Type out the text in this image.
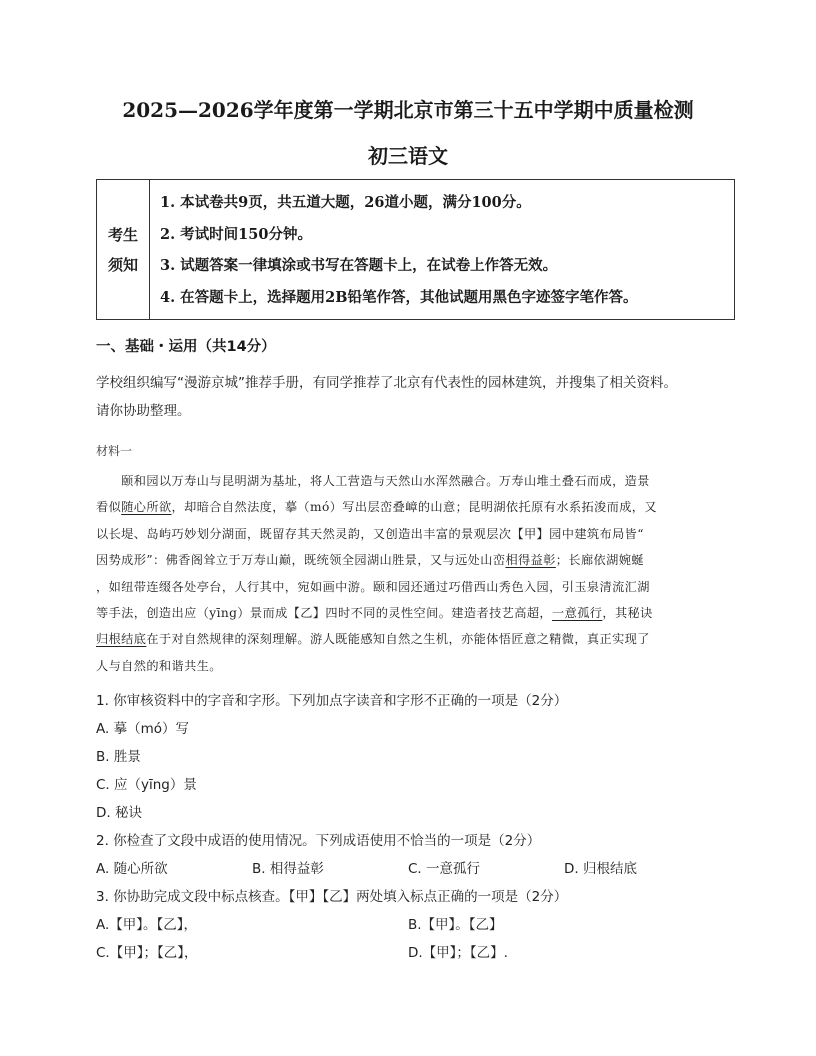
2025—2026学年度第一学期北京市第三十五中学期中质量检测
初三语文
考生
须知
1. 本试卷共9页，共五道大题，26道小题，满分100分。
2. 考试时间150分钟。
3. 试题答案一律填涂或书写在答题卡上，在试卷上作答无效。
4. 在答题卡上，选择题用2B铅笔作答，其他试题用黑色字迹签字笔作答。
一、基础・运用（共14分）
学校组织编写“漫游京城”推荐手册，有同学推荐了北京有代表性的园林建筑，并搜集了相关资料。
请你协助整理。
材料一
　　颐和园以万寿山与昆明湖为基址，将人工营造与天然山水浑然融合。万寿山堆土叠石而成，造景
看似随心所欲，却暗合自然法度，摹（mó）写出层峦叠嶂的山意；昆明湖依托原有水系拓浚而成，又
以长堤、岛屿巧妙划分湖面，既留存其天然灵韵，又创造出丰富的景观层次【甲】园中建筑布局皆“
因势成形”：佛香阁耸立于万寿山巅，既统领全园湖山胜景，又与远处山峦相得益彰；长廊依湖婉蜒
，如纽带连缀各处亭台，人行其中，宛如画中游。颐和园还通过巧借西山秀色入园，引玉泉清流汇湖
等手法，创造出应（yīng）景而成【乙】四时不同的灵性空间。建造者技艺高超，一意孤行，其秘诀
归根结底在于对自然规律的深刻理解。游人既能感知自然之生机，亦能体悟匠意之精微，真正实现了
人与自然的和谐共生。
1. 你审核资料中的字音和字形。下列加点字读音和字形不正确的一项是（2分）
A. 摹（mó）写
B. 胜景
C. 应（yīng）景
D. 秘诀
2. 你检查了文段中成语的使用情况。下列成语使用不恰当的一项是（2分）
A. 随心所欲	B. 相得益彰	C. 一意孤行	D. 归根结底
3. 你协助完成文段中标点核查。【甲】【乙】两处填入标点正确的一项是（2分）
A.【甲】。【乙】，	B.【甲】。【乙】
C.【甲】；【乙】，	D.【甲】；【乙】.
